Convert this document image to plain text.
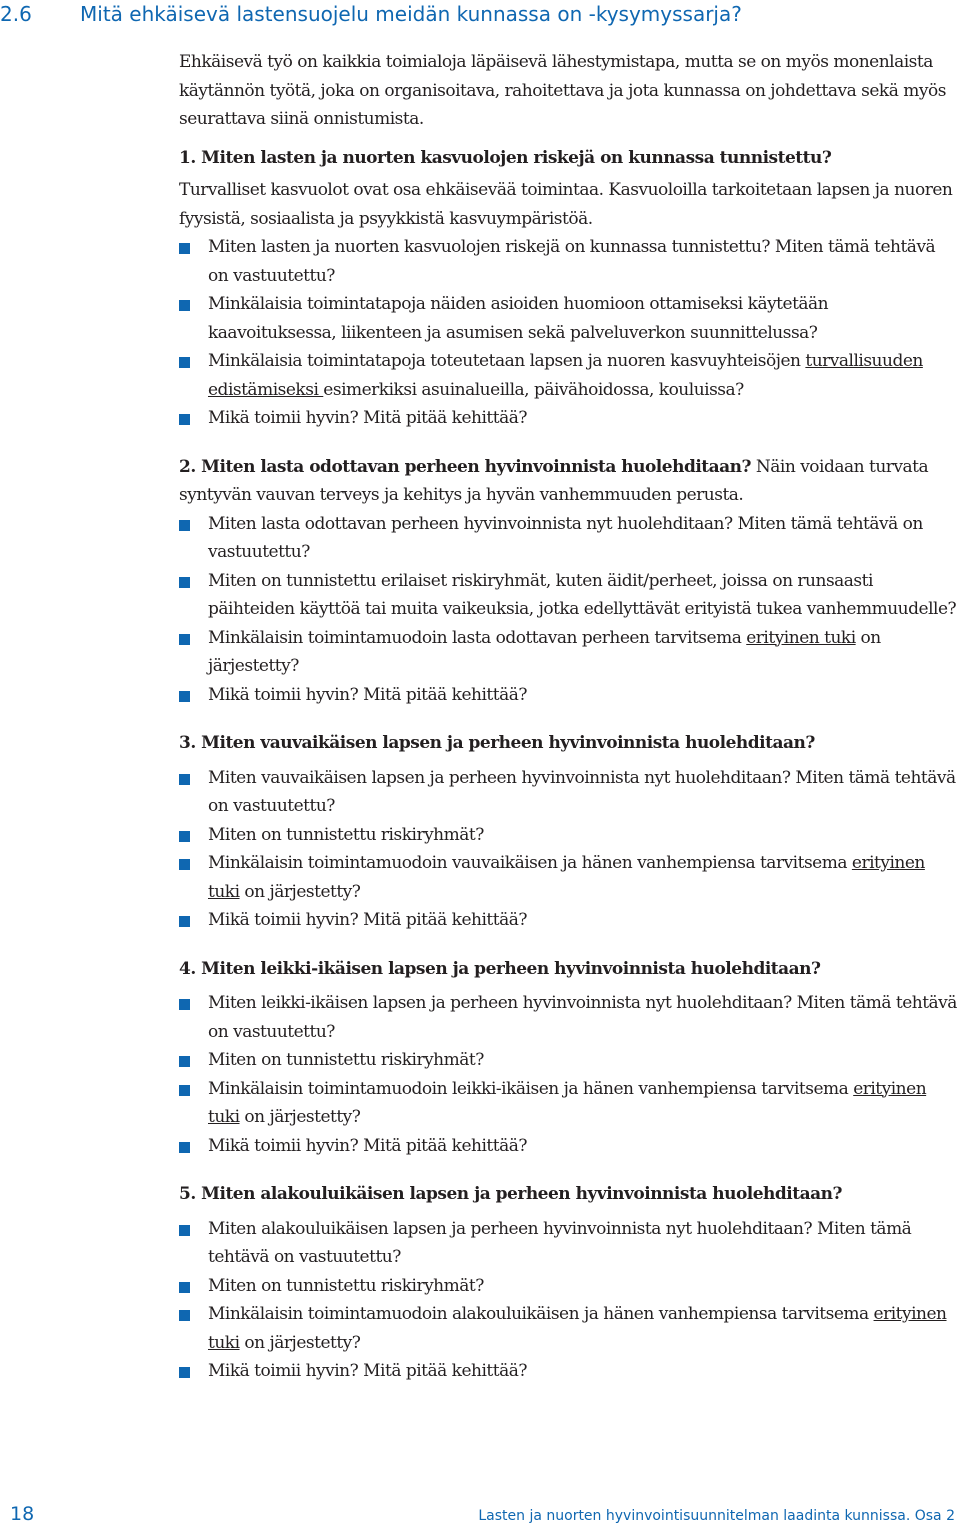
2.6 Mitä ehkäisevä lastensuojelu meidän kunnassa on -kysymyssarja?

Ehkäisevä työ on kaikkia toimialoja läpäisevä lähestymistapa, mutta se on myös monenlaista käytännön työtä, joka on organisoitava, rahoitettava ja jota kunnassa on johdettava sekä myös seurattava siinä onnistumista.

1. Miten lasten ja nuorten kasvuolojen riskejä on kunnassa tunnistettu?

Turvalliset kasvuolot ovat osa ehkäisevää toimintaa. Kasvuoloilla tarkoitetaan lapsen ja nuoren fyysistä, sosiaalista ja psyykkistä kasvuympäristöä.

Miten lasten ja nuorten kasvuolojen riskejä on kunnassa tunnistettu? Miten tämä tehtävä on vastuutettu?
Minkälaisia toimintatapoja näiden asioiden huomioon ottamiseksi käytetään kaavoituksessa, liikenteen ja asumisen sekä palveluverkon suunnittelussa?
Minkälaisia toimintatapoja toteutetaan lapsen ja nuoren kasvuyhteisöjen turvallisuuden edistämiseksi esimerkiksi asuinalueilla, päivähoidossa, kouluissa?
Mikä toimii hyvin? Mitä pitää kehittää?

2. Miten lasta odottavan perheen hyvinvoinnista huolehditaan? Näin voidaan turvata syntyvän vauvan terveys ja kehitys ja hyvän vanhemmuuden perusta.

Miten lasta odottavan perheen hyvinvoinnista nyt huolehditaan? Miten tämä tehtävä on vastuutettu?
Miten on tunnistettu erilaiset riskiryhmät, kuten äidit/perheet, joissa on runsaasti päihteiden käyttöä tai muita vaikeuksia, jotka edellyttävät erityistä tukea vanhemmuudelle?
Minkälaisin toimintamuodoin lasta odottavan perheen tarvitsema erityinen tuki on järjestetty?
Mikä toimii hyvin? Mitä pitää kehittää?

3. Miten vauvaikäisen lapsen ja perheen hyvinvoinnista huolehditaan?

Miten vauvaikäisen lapsen ja perheen hyvinvoinnista nyt huolehditaan? Miten tämä tehtävä on vastuutettu?
Miten on tunnistettu riskiryhmät?
Minkälaisin toimintamuodoin vauvaikäisen ja hänen vanhempiensa tarvitsema erityinen tuki on järjestetty?
Mikä toimii hyvin? Mitä pitää kehittää?

4. Miten leikki-ikäisen lapsen ja perheen hyvinvoinnista huolehditaan?

Miten leikki-ikäisen lapsen ja perheen hyvinvoinnista nyt huolehditaan? Miten tämä tehtävä on vastuutettu?
Miten on tunnistettu riskiryhmät?
Minkälaisin toimintamuodoin leikki-ikäisen ja hänen vanhempiensa tarvitsema erityinen tuki on järjestetty?
Mikä toimii hyvin? Mitä pitää kehittää?

5. Miten alakouluikäisen lapsen ja perheen hyvinvoinnista huolehditaan?

Miten alakouluikäisen lapsen ja perheen hyvinvoinnista nyt huolehditaan? Miten tämä tehtävä on vastuutettu?
Miten on tunnistettu riskiryhmät?
Minkälaisin toimintamuodoin alakouluikäisen ja hänen vanhempiensa tarvitsema erityinen tuki on järjestetty?
Mikä toimii hyvin? Mitä pitää kehittää?
18	Lasten ja nuorten hyvinvointisuunnitelman laadinta kunnissa. Osa 2
